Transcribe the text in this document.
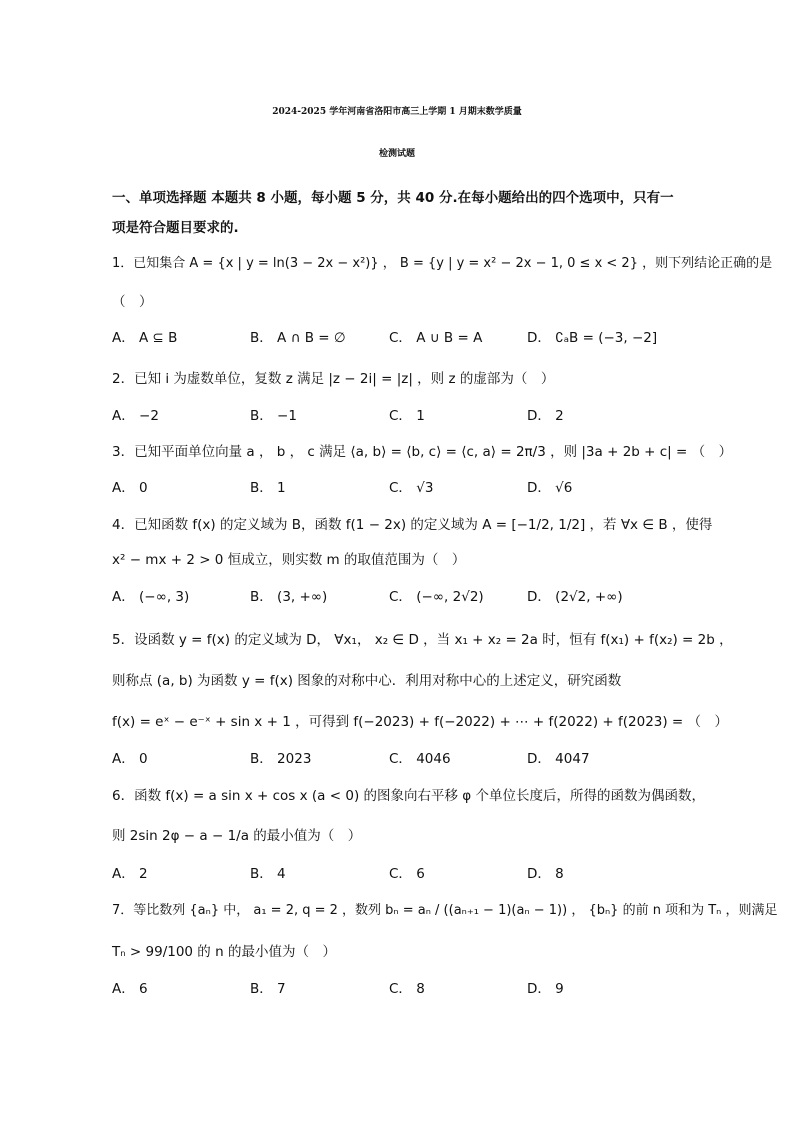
2024-2025 学年河南省洛阳市高三上学期 1 月期末数学质量
检测试题
一、单项选择题 本题共 8 小题，每小题 5 分，共 40 分.在每小题给出的四个选项中，只有一
项是符合题目要求的.
1．已知集合 A = {x | y = ln(3 − 2x − x²)} ， B = {y | y = x² − 2x − 1, 0 ≤ x < 2} ，则下列结论正确的是
（　）
A． A ⊆ B	B． A ∩ B = ∅	C． A ∪ B = A	D． ∁ₐB = (−3, −2]
2．已知 i 为虚数单位，复数 z 满足 |z − 2i| = |z| ，则 z 的虚部为（　）
A． −2	B． −1	C． 1	D． 2
3．已知平面单位向量 a ， b ， c 满足 ⟨a, b⟩ = ⟨b, c⟩ = ⟨c, a⟩ = 2π/3 ，则 |3a + 2b + c| = （　）
A． 0	B． 1	C． √3	D． √6
4．已知函数 f(x) 的定义域为 B，函数 f(1 − 2x) 的定义域为 A = [−1/2, 1/2] ，若 ∀x ∈ B ，使得
x² − mx + 2 > 0 恒成立，则实数 m 的取值范围为（　）
A． (−∞, 3)	B． (3, +∞)	C． (−∞, 2√2)	D． (2√2, +∞)
5．设函数 y = f(x) 的定义域为 D， ∀x₁， x₂ ∈ D ，当 x₁ + x₂ = 2a 时，恒有 f(x₁) + f(x₂) = 2b ，
则称点 (a, b) 为函数 y = f(x) 图象的对称中心．利用对称中心的上述定义，研究函数
f(x) = eˣ − e⁻ˣ + sin x + 1 ，可得到 f(−2023) + f(−2022) + ⋯ + f(2022) + f(2023) = （　）
A． 0	B． 2023	C． 4046	D． 4047
6．函数 f(x) = a sin x + cos x (a < 0) 的图象向右平移 φ 个单位长度后，所得的函数为偶函数，
则 2sin 2φ − a − 1/a 的最小值为（　）
A． 2	B． 4	C． 6	D． 8
7．等比数列 {aₙ} 中， a₁ = 2, q = 2 ，数列 bₙ = aₙ / ((aₙ₊₁ − 1)(aₙ − 1)) ， {bₙ} 的前 n 项和为 Tₙ ，则满足
Tₙ > 99/100 的 n 的最小值为（　）
A． 6	B． 7	C． 8	D． 9
